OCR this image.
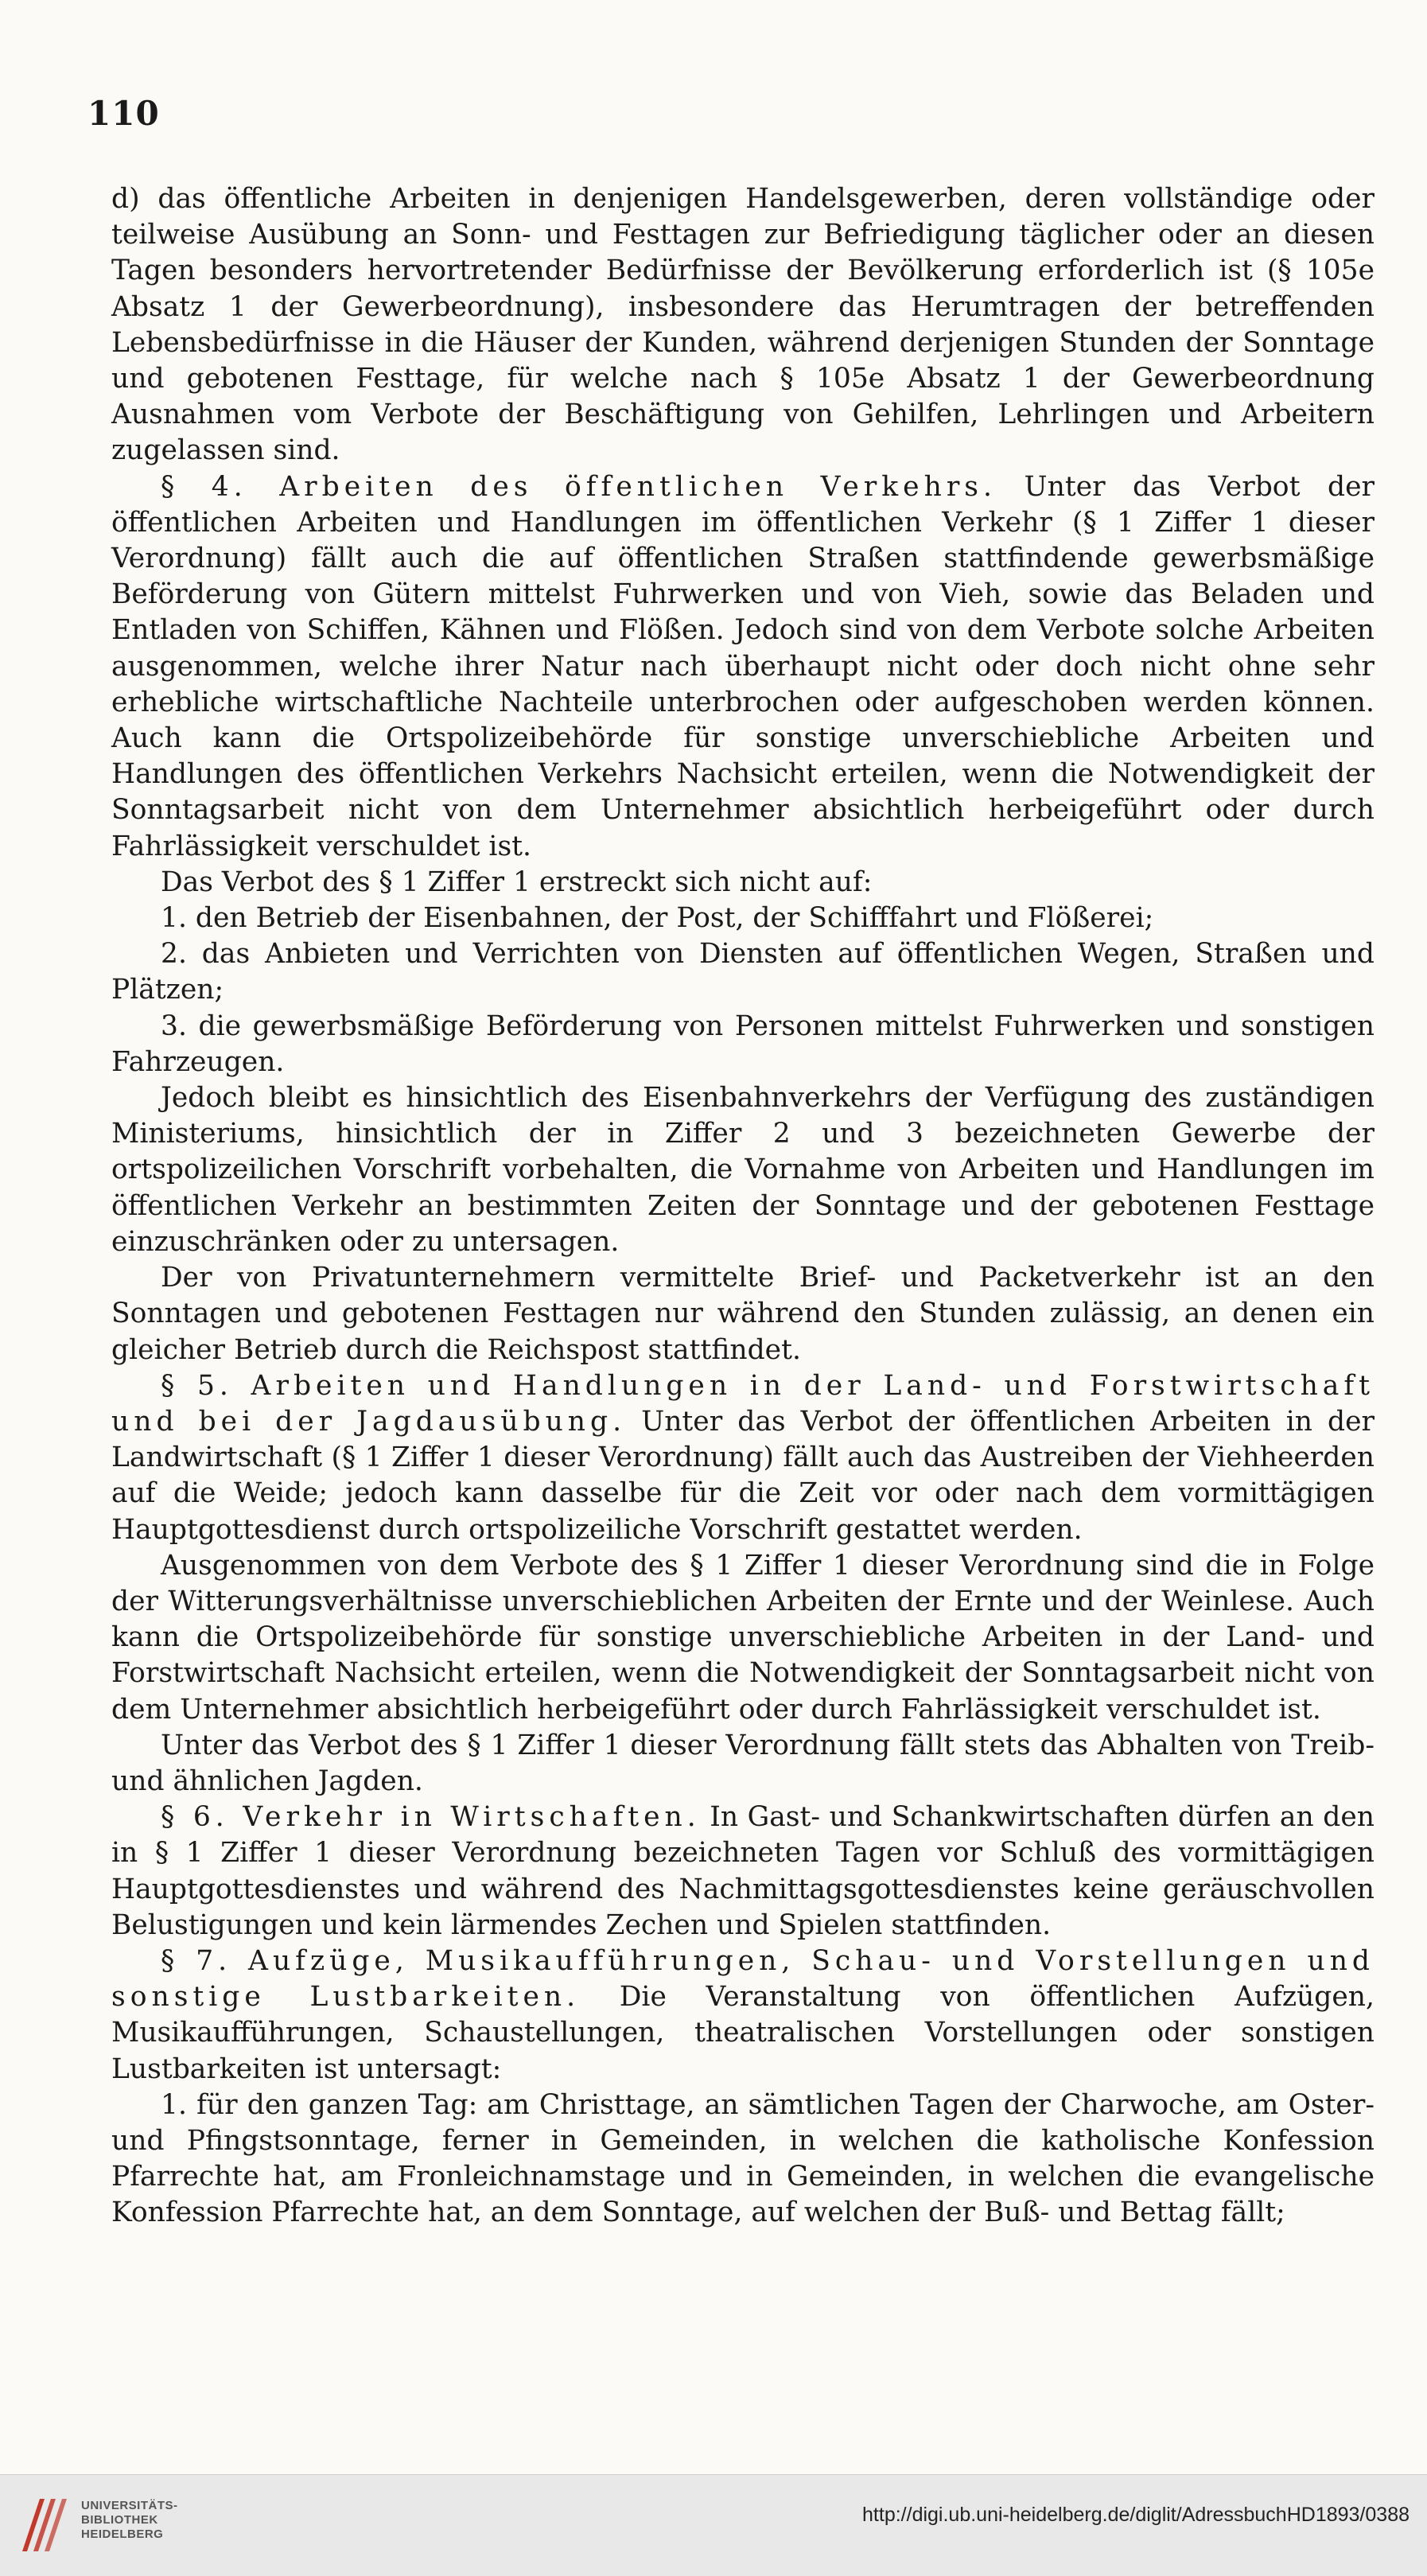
110

d) das öffentliche Arbeiten in denjenigen Handelsgewerben, deren vollständige oder teilweise Ausübung an Sonn- und Festtagen zur Befriedigung täglicher oder an diesen Tagen besonders hervortretender Bedürfnisse der Bevölkerung erforderlich ist (§ 105e Absatz 1 der Gewerbeordnung), insbesondere das Herumtragen der betreffenden Lebensbedürfnisse in die Häuser der Kunden, während derjenigen Stunden der Sonntage und gebotenen Festtage, für welche nach § 105e Absatz 1 der Gewerbeordnung Ausnahmen vom Verbote der Beschäftigung von Gehilfen, Lehrlingen und Arbeitern zugelassen sind.

§ 4. Arbeiten des öffentlichen Verkehrs. Unter das Verbot der öffentlichen Arbeiten und Handlungen im öffentlichen Verkehr (§ 1 Ziffer 1 dieser Verordnung) fällt auch die auf öffentlichen Straßen stattfindende gewerbsmäßige Beförderung von Gütern mittelst Fuhrwerken und von Vieh, sowie das Beladen und Entladen von Schiffen, Kähnen und Flößen. Jedoch sind von dem Verbote solche Arbeiten ausgenommen, welche ihrer Natur nach überhaupt nicht oder doch nicht ohne sehr erhebliche wirtschaftliche Nachteile unterbrochen oder aufgeschoben werden können. Auch kann die Ortspolizeibehörde für sonstige unverschiebliche Arbeiten und Handlungen des öffentlichen Verkehrs Nachsicht erteilen, wenn die Notwendigkeit der Sonntagsarbeit nicht von dem Unternehmer absichtlich herbeigeführt oder durch Fahrlässigkeit verschuldet ist.

Das Verbot des § 1 Ziffer 1 erstreckt sich nicht auf:

1. den Betrieb der Eisenbahnen, der Post, der Schifffahrt und Flößerei;

2. das Anbieten und Verrichten von Diensten auf öffentlichen Wegen, Straßen und Plätzen;

3. die gewerbsmäßige Beförderung von Personen mittelst Fuhrwerken und sonstigen Fahrzeugen.

Jedoch bleibt es hinsichtlich des Eisenbahnverkehrs der Verfügung des zuständigen Ministeriums, hinsichtlich der in Ziffer 2 und 3 bezeichneten Gewerbe der ortspolizeilichen Vorschrift vorbehalten, die Vornahme von Arbeiten und Handlungen im öffentlichen Verkehr an bestimmten Zeiten der Sonntage und der gebotenen Festtage einzuschränken oder zu untersagen.

Der von Privatunternehmern vermittelte Brief- und Packetverkehr ist an den Sonntagen und gebotenen Festtagen nur während den Stunden zulässig, an denen ein gleicher Betrieb durch die Reichspost stattfindet.

§ 5. Arbeiten und Handlungen in der Land- und Forstwirtschaft und bei der Jagdausübung. Unter das Verbot der öffentlichen Arbeiten in der Landwirtschaft (§ 1 Ziffer 1 dieser Verordnung) fällt auch das Austreiben der Viehheerden auf die Weide; jedoch kann dasselbe für die Zeit vor oder nach dem vormittägigen Hauptgottesdienst durch ortspolizeiliche Vorschrift gestattet werden.

Ausgenommen von dem Verbote des § 1 Ziffer 1 dieser Verordnung sind die in Folge der Witterungsverhältnisse unverschieblichen Arbeiten der Ernte und der Weinlese. Auch kann die Ortspolizeibehörde für sonstige unverschiebliche Arbeiten in der Land- und Forstwirtschaft Nachsicht erteilen, wenn die Notwendigkeit der Sonntagsarbeit nicht von dem Unternehmer absichtlich herbeigeführt oder durch Fahrlässigkeit verschuldet ist.

Unter das Verbot des § 1 Ziffer 1 dieser Verordnung fällt stets das Abhalten von Treib- und ähnlichen Jagden.

§ 6. Verkehr in Wirtschaften. In Gast- und Schankwirtschaften dürfen an den in § 1 Ziffer 1 dieser Verordnung bezeichneten Tagen vor Schluß des vormittägigen Hauptgottesdienstes und während des Nachmittagsgottesdienstes keine geräuschvollen Belustigungen und kein lärmendes Zechen und Spielen stattfinden.

§ 7. Aufzüge, Musikaufführungen, Schau- und Vorstellungen und sonstige Lustbarkeiten. Die Veranstaltung von öffentlichen Aufzügen, Musikaufführungen, Schaustellungen, theatralischen Vorstellungen oder sonstigen Lustbarkeiten ist untersagt:

1. für den ganzen Tag: am Christtage, an sämtlichen Tagen der Charwoche, am Oster- und Pfingstsonntage, ferner in Gemeinden, in welchen die katholische Konfession Pfarrechte hat, am Fronleichnamstage und in Gemeinden, in welchen die evangelische Konfession Pfarrechte hat, an dem Sonntage, auf welchen der Buß- und Bettag fällt;

UNIVERSITÄTS-
BIBLIOTHEK
HEIDELBERG
http://digi.ub.uni-heidelberg.de/diglit/AdressbuchHD1893/0388
